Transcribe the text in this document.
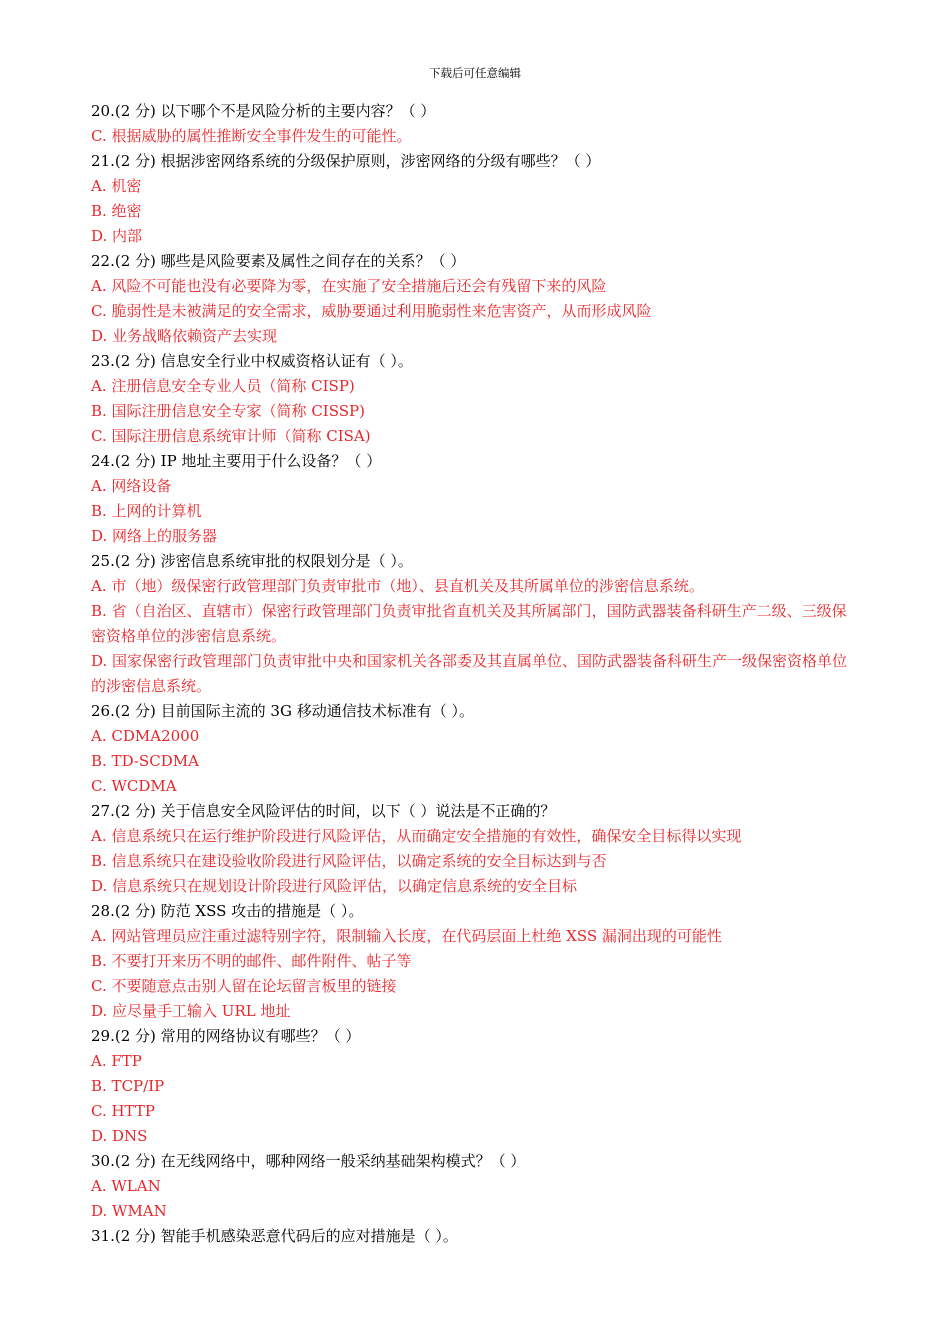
下载后可任意编辑
20.(2 分) 以下哪个不是风险分析的主要内容？（ ）
C. 根据威胁的属性推断安全事件发生的可能性。
21.(2 分) 根据涉密网络系统的分级保护原则，涉密网络的分级有哪些？（ ）
A. 机密
B. 绝密
D. 内部
22.(2 分) 哪些是风险要素及属性之间存在的关系？（ ）
A. 风险不可能也没有必要降为零，在实施了安全措施后还会有残留下来的风险
C. 脆弱性是未被满足的安全需求，威胁要通过利用脆弱性来危害资产，从而形成风险
D. 业务战略依赖资产去实现
23.(2 分) 信息安全行业中权威资格认证有（ ）。
A. 注册信息安全专业人员（简称 CISP)
B. 国际注册信息安全专家（简称 CISSP)
C. 国际注册信息系统审计师（简称 CISA)
24.(2 分) IP 地址主要用于什么设备？（ ）
A. 网络设备
B. 上网的计算机
D. 网络上的服务器
25.(2 分) 涉密信息系统审批的权限划分是（ ）。
A. 市（地）级保密行政管理部门负责审批市（地）、县直机关及其所属单位的涉密信息系统。
B. 省（自治区、直辖市）保密行政管理部门负责审批省直机关及其所属部门，国防武器装备科研生产二级、三级保密资格单位的涉密信息系统。
D. 国家保密行政管理部门负责审批中央和国家机关各部委及其直属单位、国防武器装备科研生产一级保密资格单位的涉密信息系统。
26.(2 分) 目前国际主流的 3G 移动通信技术标准有（ ）。
A. CDMA2000
B. TD-SCDMA
C. WCDMA
27.(2 分) 关于信息安全风险评估的时间，以下（ ）说法是不正确的？
A. 信息系统只在运行维护阶段进行风险评估，从而确定安全措施的有效性，确保安全目标得以实现
B. 信息系统只在建设验收阶段进行风险评估，以确定系统的安全目标达到与否
D. 信息系统只在规划设计阶段进行风险评估，以确定信息系统的安全目标
28.(2 分) 防范 XSS 攻击的措施是（ ）。
A. 网站管理员应注重过滤特别字符，限制输入长度，在代码层面上杜绝 XSS 漏洞出现的可能性
B. 不要打开来历不明的邮件、邮件附件、帖子等
C. 不要随意点击别人留在论坛留言板里的链接
D. 应尽量手工输入 URL 地址
29.(2 分) 常用的网络协议有哪些？（ ）
A. FTP
B. TCP/IP
C. HTTP
D. DNS
30.(2 分) 在无线网络中，哪种网络一般采纳基础架构模式？（ ）
A. WLAN
D. WMAN
31.(2 分) 智能手机感染恶意代码后的应对措施是（ ）。
